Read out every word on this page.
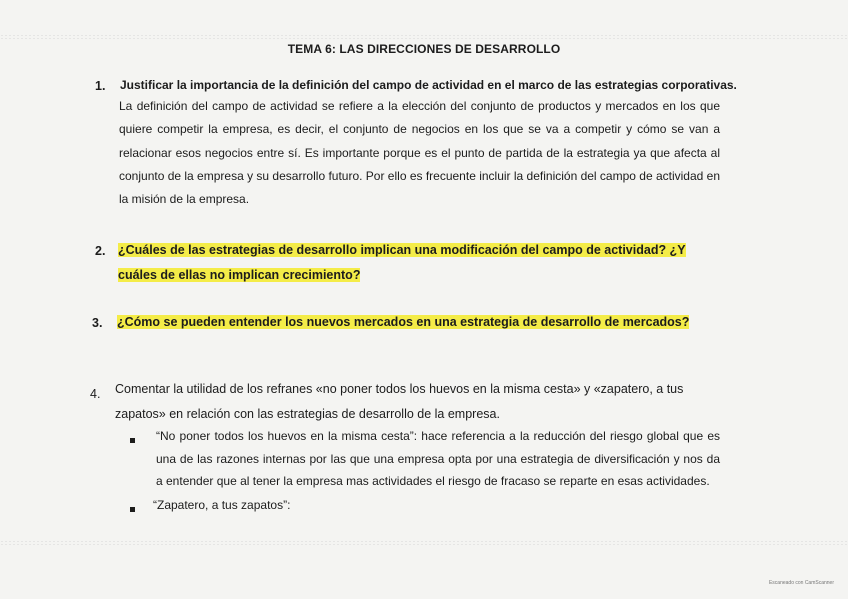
TEMA 6: LAS DIRECCIONES DE DESARROLLO
1. Justificar la importancia de la definición del campo de actividad en el marco de las estrategias corporativas.
La definición del campo de actividad se refiere a la elección del conjunto de productos y mercados en los que quiere competir la empresa, es decir, el conjunto de negocios en los que se va a competir y cómo se van a relacionar esos negocios entre sí. Es importante porque es el punto de partida de la estrategia ya que afecta al conjunto de la empresa y su desarrollo futuro. Por ello es frecuente incluir la definición del campo de actividad en la misión de la empresa.
2. ¿Cuáles de las estrategias de desarrollo implican una modificación del campo de actividad? ¿Y cuáles de ellas no implican crecimiento?
3. ¿Cómo se pueden entender los nuevos mercados en una estrategia de desarrollo de mercados?
4. Comentar la utilidad de los refranes «no poner todos los huevos en la misma cesta» y «zapatero, a tus zapatos» en relación con las estrategias de desarrollo de la empresa.
“No poner todos los huevos en la misma cesta”: hace referencia a la reducción del riesgo global que es una de las razones internas por las que una empresa opta por una estrategia de diversificación y nos da a entender que al tener la empresa mas actividades el riesgo de fracaso se reparte en esas actividades.
“Zapatero, a tus zapatos”:
Escaneado con CamScanner
